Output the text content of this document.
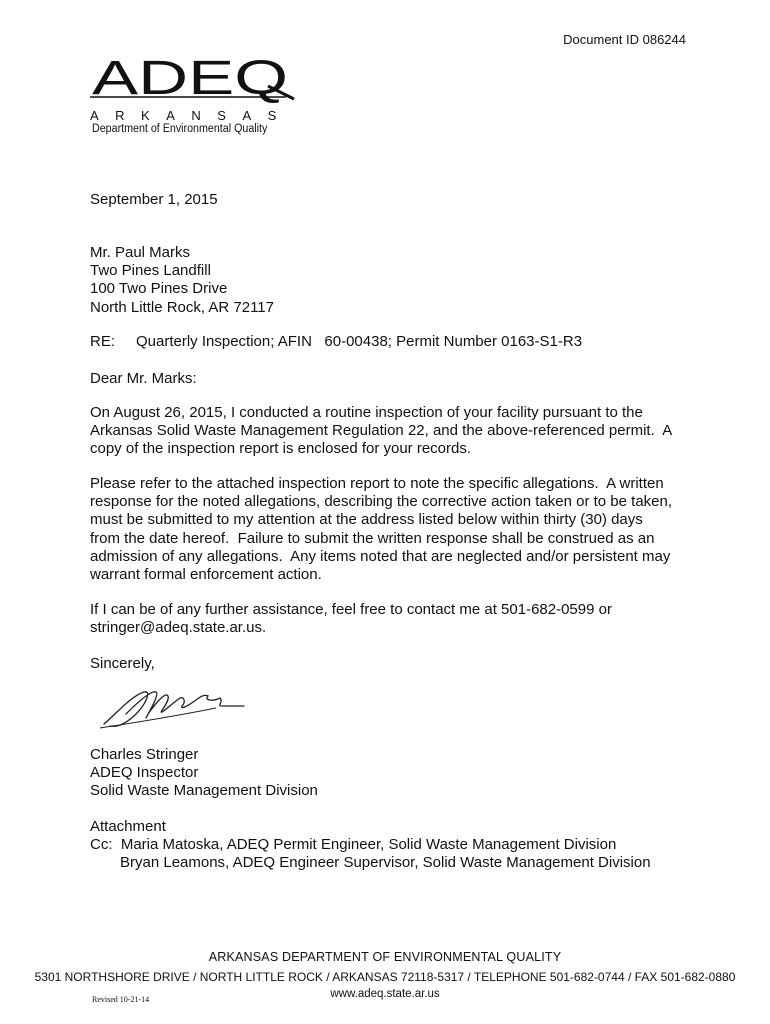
Document ID 086244
ADEQ
ARKANSAS
Department of Environmental Quality
September 1, 2015
Mr. Paul Marks
Two Pines Landfill
100 Two Pines Drive
North Little Rock, AR 72117
RE:	Quarterly Inspection; AFIN   60-00438; Permit Number 0163-S1-R3
Dear Mr. Marks:
On August 26, 2015, I conducted a routine inspection of your facility pursuant to the
Arkansas Solid Waste Management Regulation 22, and the above-referenced permit.  A
copy of the inspection report is enclosed for your records.
Please refer to the attached inspection report to note the specific allegations.  A written
response for the noted allegations, describing the corrective action taken or to be taken,
must be submitted to my attention at the address listed below within thirty (30) days
from the date hereof.  Failure to submit the written response shall be construed as an
admission of any allegations.  Any items noted that are neglected and/or persistent may
warrant formal enforcement action.
If I can be of any further assistance, feel free to contact me at 501-682-0599 or
stringer@adeq.state.ar.us.
Sincerely,
Charles Stringer
ADEQ Inspector
Solid Waste Management Division
Attachment
Cc:  Maria Matoska, ADEQ Permit Engineer, Solid Waste Management Division
Bryan Leamons, ADEQ Engineer Supervisor, Solid Waste Management Division
ARKANSAS DEPARTMENT OF ENVIRONMENTAL QUALITY
5301 NORTHSHORE DRIVE / NORTH LITTLE ROCK / ARKANSAS 72118-5317 / TELEPHONE 501-682-0744 / FAX 501-682-0880
www.adeq.state.ar.us
Revised 10-21-14
